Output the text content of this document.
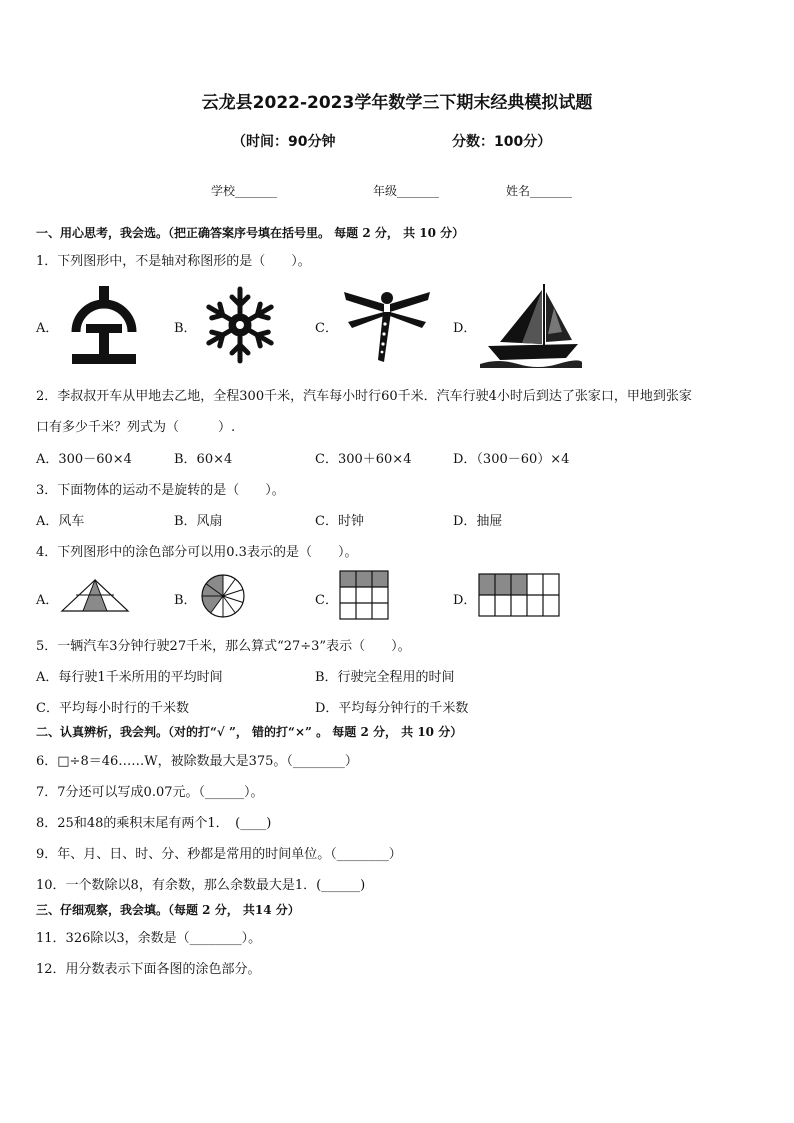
云龙县2022-2023学年数学三下期末经典模拟试题
（时间：90分钟	分数：100分）
学校_______	年级_______	姓名_______
一、用心思考，我会选。（把正确答案序号填在括号里。 每题 2 分， 共 10 分）
1．下列图形中，不是轴对称图形的是（　　）。
A．	B．	C．	D．
2．李叔叔开车从甲地去乙地，全程300千米，汽车每小时行60千米．汽车行驶4小时后到达了张家口，甲地到张家
口有多少千米？列式为（　　　）.
A．300－60×4	B．60×4	C．300＋60×4	D．（300－60）×4
3．下面物体的运动不是旋转的是（　　）。
A．风车	B．风扇	C．时钟	D．抽屉
4．下列图形中的涂色部分可以用0.3表示的是（　　）。
A．	B．	C．	D．
5．一辆汽车3分钟行驶27千米，那么算式“27÷3”表示（　　）。
A．每行驶1千米所用的平均时间	B．行驶完全程用的时间
C．平均每小时行的千米数	D．平均每分钟行的千米数
二、认真辨析，我会判。（对的打“√ ”， 错的打“×” 。 每题 2 分， 共 10 分）
6．□÷8＝46……W，被除数最大是375。（________）
7．7分还可以写成0.07元。（______）。
8．25和48的乘积末尾有两个1．　(____)
9．年、月、日、时、分、秒都是常用的时间单位。（________）
10．一个数除以8，有余数，那么余数最大是1．(______)
三、仔细观察，我会填。（每题 2 分， 共14 分）
11．326除以3，余数是（________）。
12．用分数表示下面各图的涂色部分。
